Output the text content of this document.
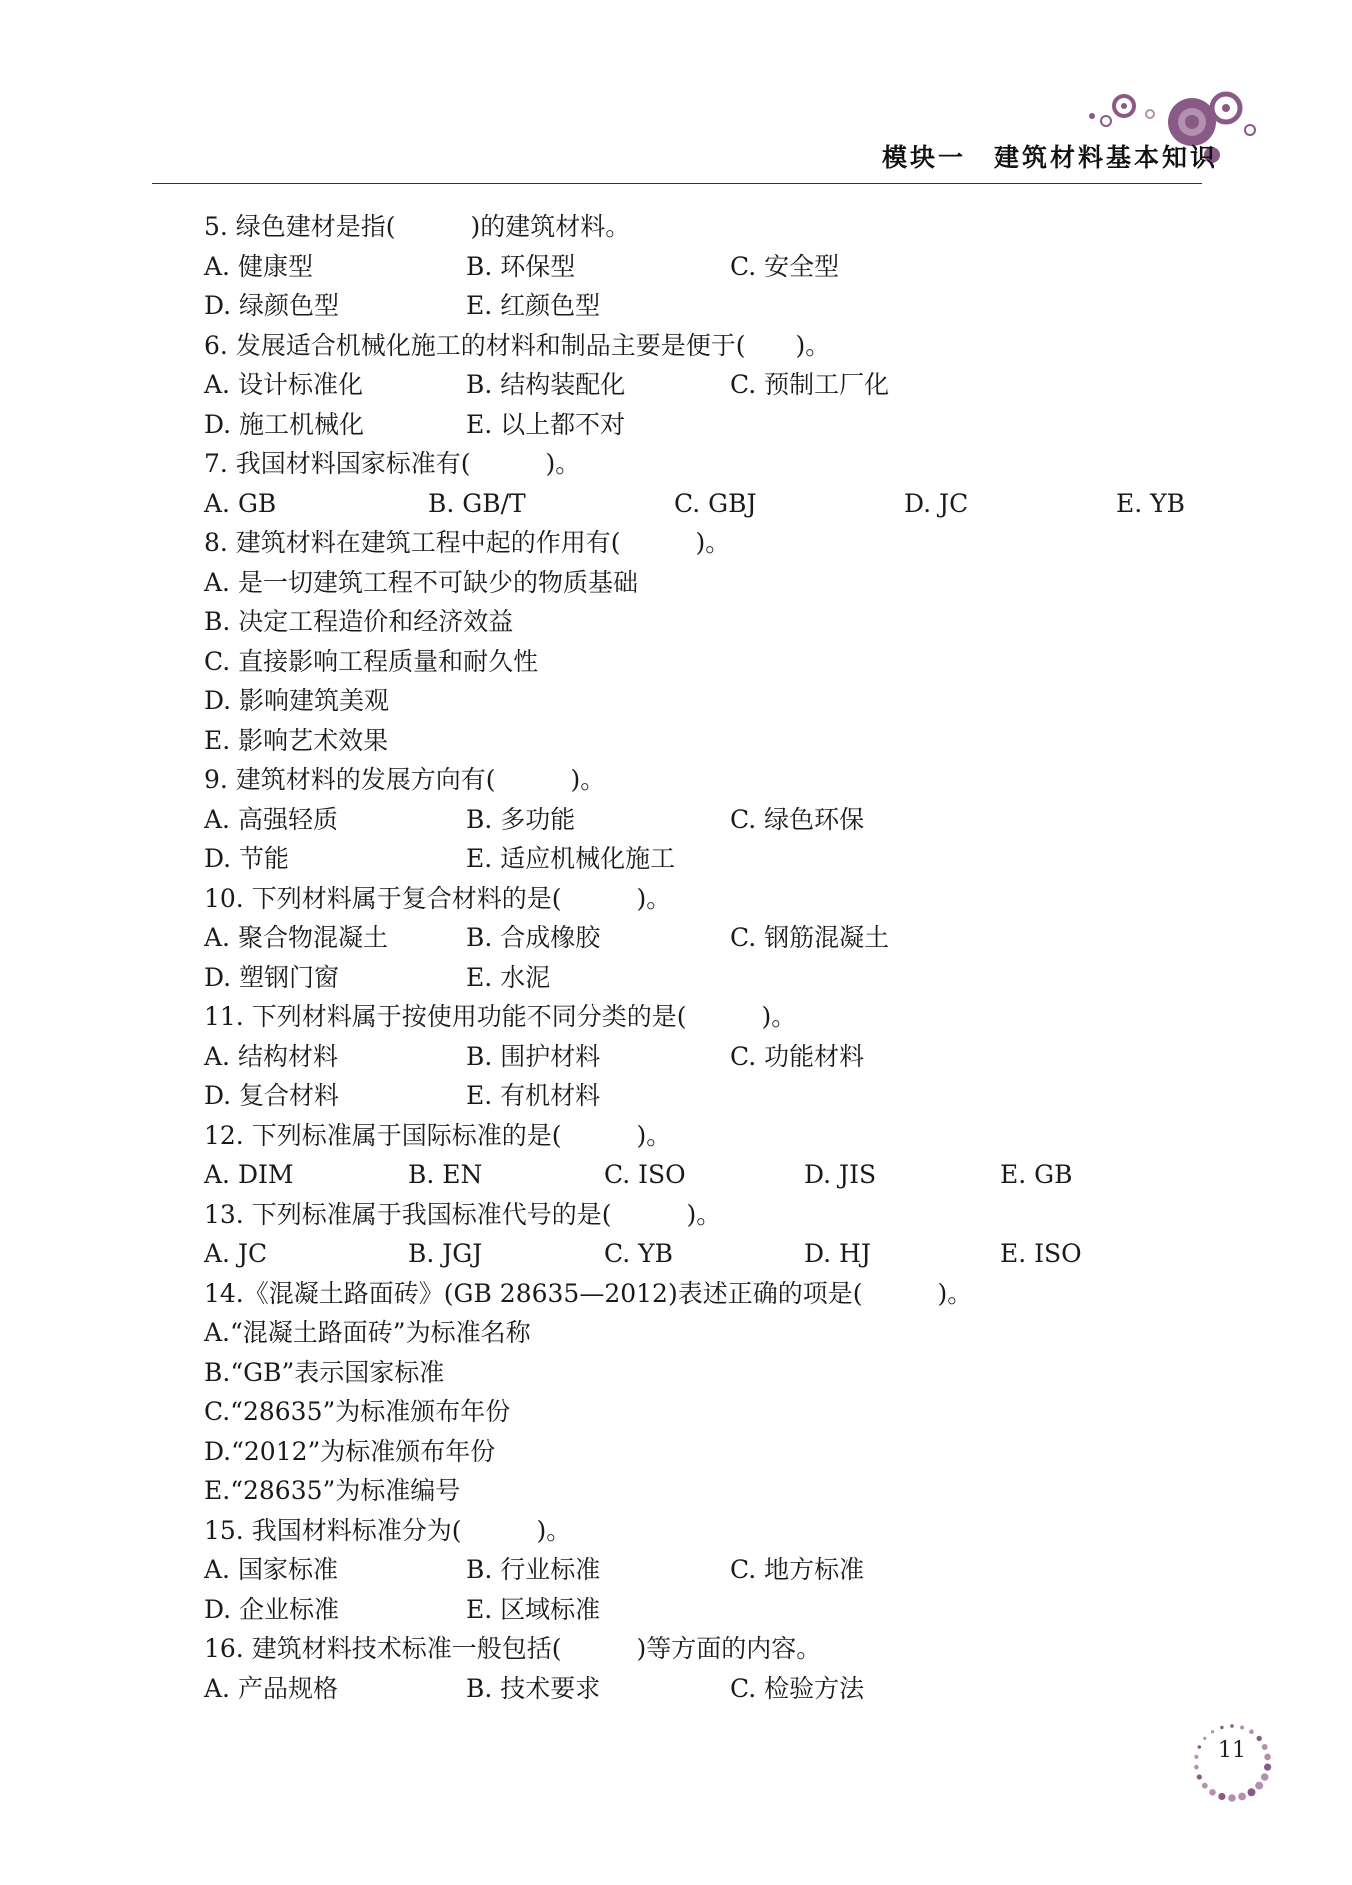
模块一　建筑材料基本知识
5. 绿色建材是指(　　　)的建筑材料。
A. 健康型	B. 环保型	C. 安全型
D. 绿颜色型	E. 红颜色型
6. 发展适合机械化施工的材料和制品主要是便于(　　)。
A. 设计标准化	B. 结构装配化	C. 预制工厂化
D. 施工机械化	E. 以上都不对
7. 我国材料国家标准有(　　　)。
A. GB	B. GB/T	C. GBJ	D. JC	E. YB
8. 建筑材料在建筑工程中起的作用有(　　　)。
A. 是一切建筑工程不可缺少的物质基础
B. 决定工程造价和经济效益
C. 直接影响工程质量和耐久性
D. 影响建筑美观
E. 影响艺术效果
9. 建筑材料的发展方向有(　　　)。
A. 高强轻质	B. 多功能	C. 绿色环保
D. 节能	E. 适应机械化施工
10. 下列材料属于复合材料的是(　　　)。
A. 聚合物混凝土	B. 合成橡胶	C. 钢筋混凝土
D. 塑钢门窗	E. 水泥
11. 下列材料属于按使用功能不同分类的是(　　　)。
A. 结构材料	B. 围护材料	C. 功能材料
D. 复合材料	E. 有机材料
12. 下列标准属于国际标准的是(　　　)。
A. DIM	B. EN	C. ISO	D. JIS	E. GB
13. 下列标准属于我国标准代号的是(　　　)。
A. JC	B. JGJ	C. YB	D. HJ	E. ISO
14.《混凝土路面砖》(GB 28635—2012)表述正确的项是(　　　)。
A.“混凝土路面砖”为标准名称
B.“GB”表示国家标准
C.“28635”为标准颁布年份
D.“2012”为标准颁布年份
E.“28635”为标准编号
15. 我国材料标准分为(　　　)。
A. 国家标准	B. 行业标准	C. 地方标准
D. 企业标准	E. 区域标准
16. 建筑材料技术标准一般包括(　　　)等方面的内容。
A. 产品规格	B. 技术要求	C. 检验方法
11
